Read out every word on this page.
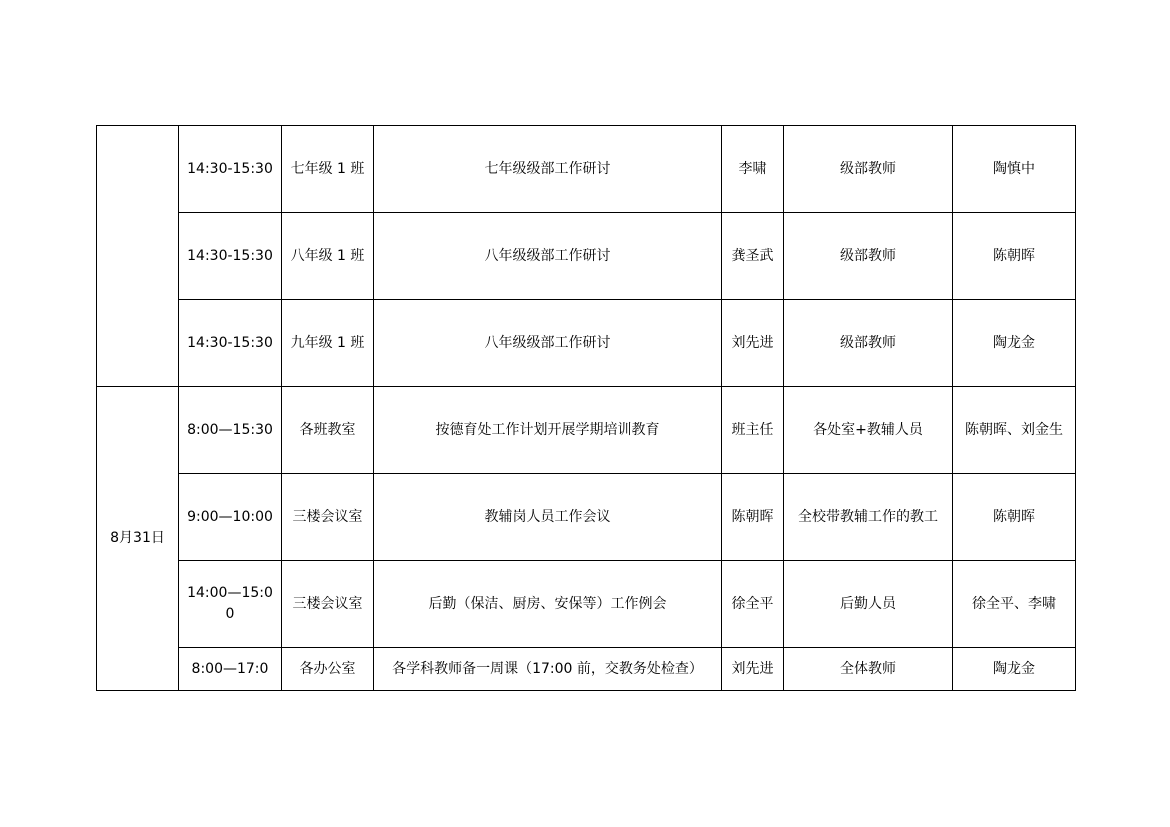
	14:30-15:30	七年级 1 班	七年级级部工作研讨	李啸	级部教师	陶慎中

	14:30-15:30	八年级 1 班	八年级级部工作研讨	龚圣武	级部教师	陈朝晖

	14:30-15:30	九年级 1 班	八年级级部工作研讨	刘先进	级部教师	陶龙金
8月31日	8:00—15:30	各班教室	按德育处工作计划开展学期培训教育	班主任	各处室+教辅人员	陈朝晖、刘金生

	9:00—10:00	三楼会议室	教辅岗人员工作会议	陈朝晖	全校带教辅工作的教工	陈朝晖

	14:00—15:00	三楼会议室	后勤（保洁、厨房、安保等）工作例会	徐全平	后勤人员	徐全平、李啸

	8:00—17:0	各办公室	各学科教师备一周课（17:00 前，交教务处检查）	刘先进	全体教师	陶龙金
